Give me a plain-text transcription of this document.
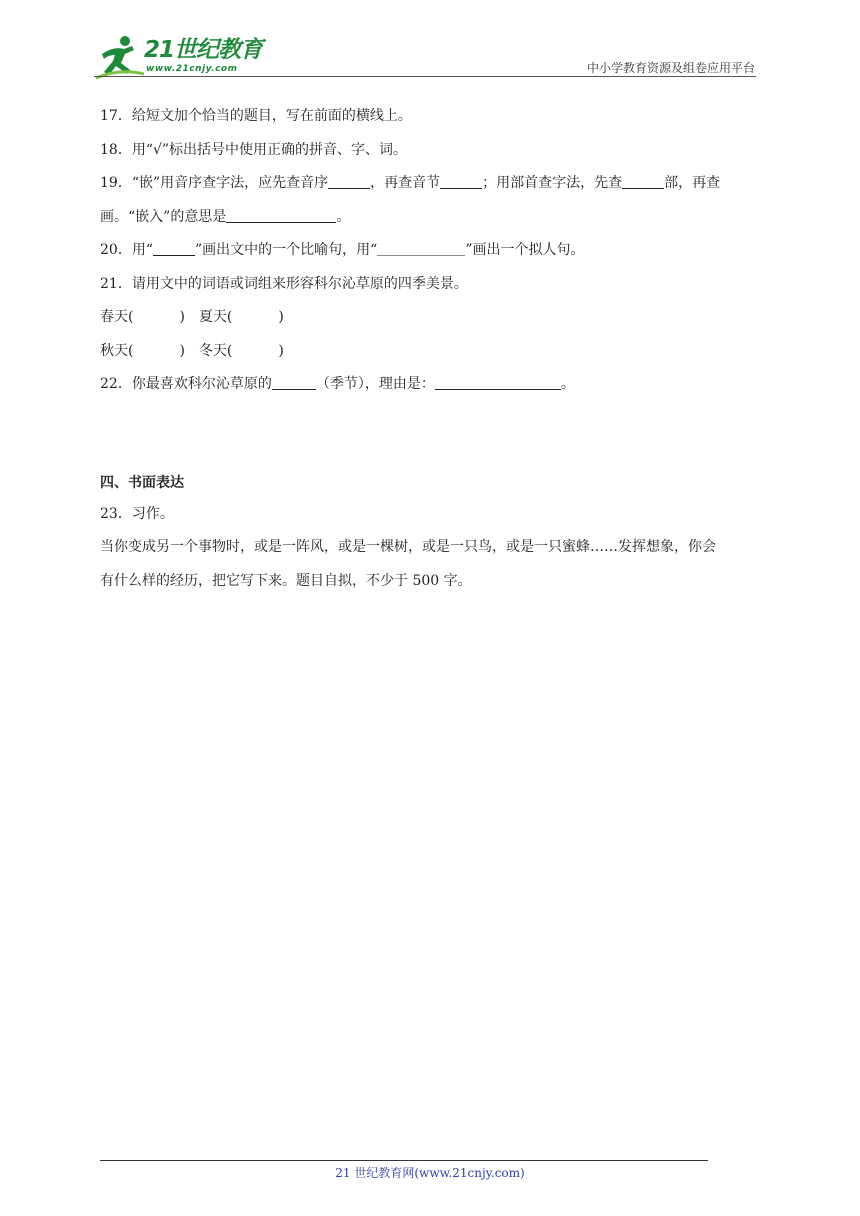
21世纪教育
www.21cnjy.com	中小学教育资源及组卷应用平台
17．给短文加个恰当的题目，写在前面的横线上。
18．用“√”标出括号中使用正确的拼音、字、词。
19．“嵌”用音序查字法，应先查音序	，再查音节	；用部首查字法，先查	部，再查
画。“嵌入”的意思是	。
20．用“	”画出文中的一个比喻句，用“	”画出一个拟人句。
21．请用文中的词语或词组来形容科尔沁草原的四季美景。
春天(	) 夏天(	)
秋天(	) 冬天(	)
22．你最喜欢科尔沁草原的	（季节），理由是：	。
四、书面表达
23．习作。
当你变成另一个事物时，或是一阵风，或是一棵树，或是一只鸟，或是一只蜜蜂……发挥想象，你会
有什么样的经历，把它写下来。题目自拟，不少于 500 字。
21 世纪教育网(www.21cnjy.com)
